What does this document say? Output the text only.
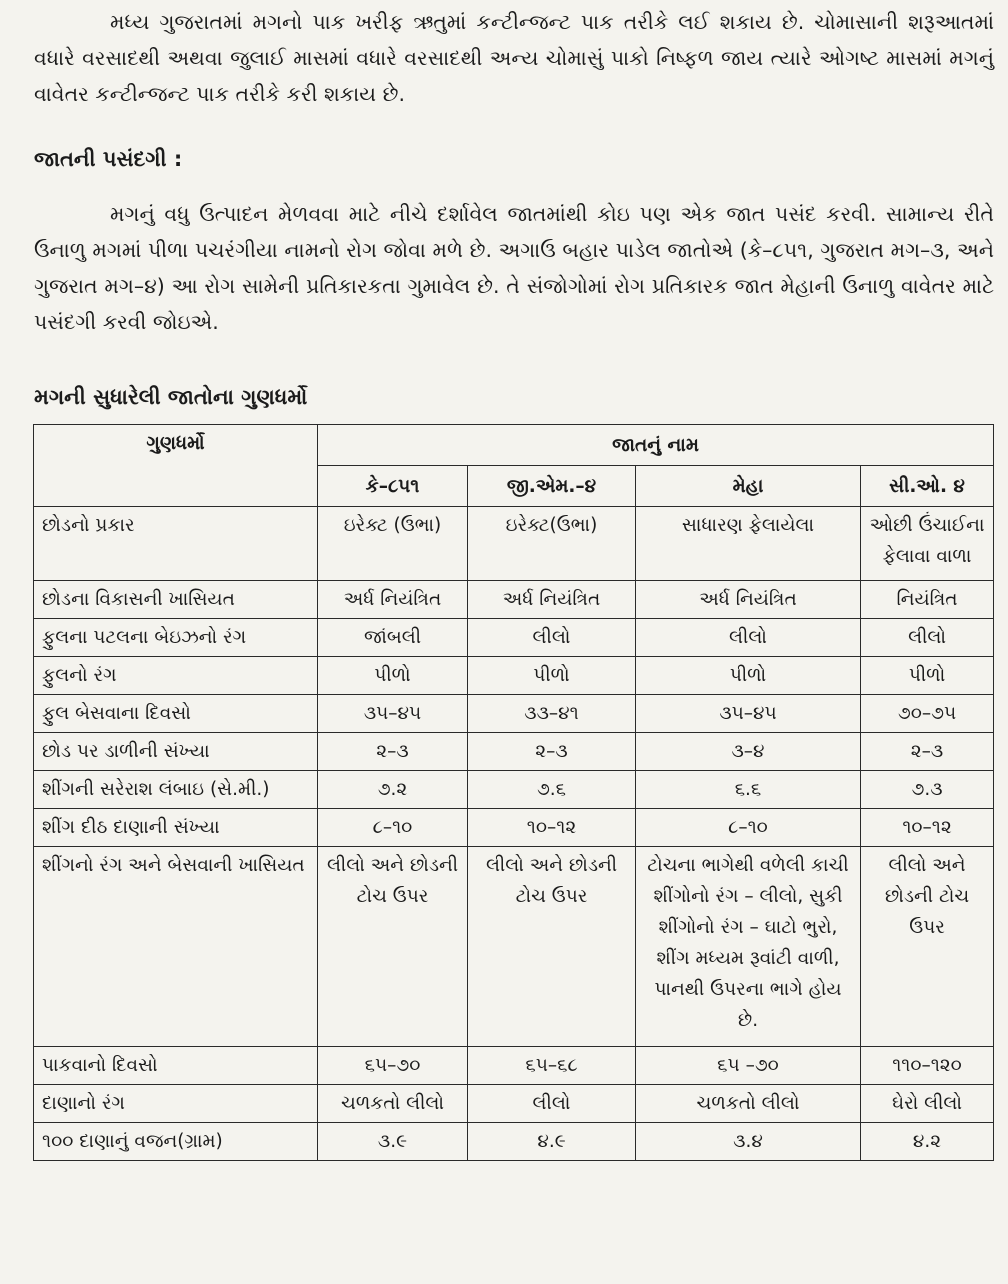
મધ્ય ગુજરાતમાં મગનો પાક ખરીફ ઋતુમાં કન્ટીન્જન્ટ પાક તરીકે લઈ શકાય છે. ચોમાસાની શરૂઆતમાં વધારે વરસાદથી અથવા જુલાઈ માસમાં વધારે વરસાદથી અન્ય ચોમાસું પાકો નિષ્ફળ જાય ત્યારે ઓગષ્ટ માસમાં મગનું વાવેતર કન્ટીન્જન્ટ પાક તરીકે કરી શકાય છે.

જાતની પસંદગી :

મગનું વધુ ઉત્પાદન મેળવવા માટે નીચે દર્શાવેલ જાતમાંથી કોઇ પણ એક જાત પસંદ કરવી. સામાન્ય રીતે ઉનાળુ મગમાં પીળા પચરંગીયા નામનો રોગ જોવા મળે છે. અગાઉ બહાર પાડેલ જાતોએ (કે–૮૫૧, ગુજરાત મગ–૩, અને ગુજરાત મગ–૪) આ રોગ સામેની પ્રતિકારકતા ગુમાવેલ છે. તે સંજોગોમાં રોગ પ્રતિકારક જાત મેહાની ઉનાળુ વાવેતર માટે પસંદગી કરવી જોઇએ.

મગની સુધારેલી જાતોના ગુણધર્મો
ગુણધર્મો	જાતનું નામ			
	કે–૮૫૧	જી.એમ.–૪	મેહા	સી.ઓ. ૪
છોડનો પ્રકાર	ઇરેક્ટ (ઉભા)	ઇરેક્ટ(ઉભા)	સાધારણ ફેલાયેલા	ઓછી ઉંચાઈના ફેલાવા વાળા
છોડના વિકાસની ખાસિયત	અર્ધ નિયંત્રિત	અર્ધ નિયંત્રિત	અર્ધ નિયંત્રિત	નિયંત્રિત
ફુલના પટલના બેઇઝનો રંગ	જાંબલી	લીલો	લીલો	લીલો
ફુલનો રંગ	પીળો	પીળો	પીળો	પીળો
ફુલ બેસવાના દિવસો	૩૫–૪૫	૩૩–૪૧	૩૫–૪૫	૭૦–૭૫
છોડ પર ડાળીની સંખ્યા	૨–૩	૨–૩	૩–૪	૨–૩
શીંગની સરેરાશ લંબાઇ (સે.મી.)	૭.૨	૭.૬	૬.૬	૭.૩
શીંગ દીઠ દાણાની સંખ્યા	૮–૧૦	૧૦–૧૨	૮–૧૦	૧૦–૧૨
શીંગનો રંગ અને બેસવાની ખાસિયત	લીલો અને છોડની ટોચ ઉપર	લીલો અને છોડની ટોચ ઉપર	ટોચના ભાગેથી વળેલી કાચી શીંગોનો રંગ – લીલો, સુકી શીંગોનો રંગ – ઘાટો ભુરો, શીંગ મધ્યમ રૂવાંટી વાળી, પાનથી ઉપરના ભાગે હોય છે.	લીલો અને છોડની ટોચ ઉપર
પાકવાનો દિવસો	૬૫–૭૦	૬૫–૬૮	૬૫ –૭૦	૧૧૦–૧૨૦
દાણાનો રંગ	ચળકતો લીલો	લીલો	ચળકતો લીલો	ઘેરો લીલો
૧૦૦ દાણાનું વજન(ગ્રામ)	૩.૯	૪.૯	૩.૪	૪.૨
